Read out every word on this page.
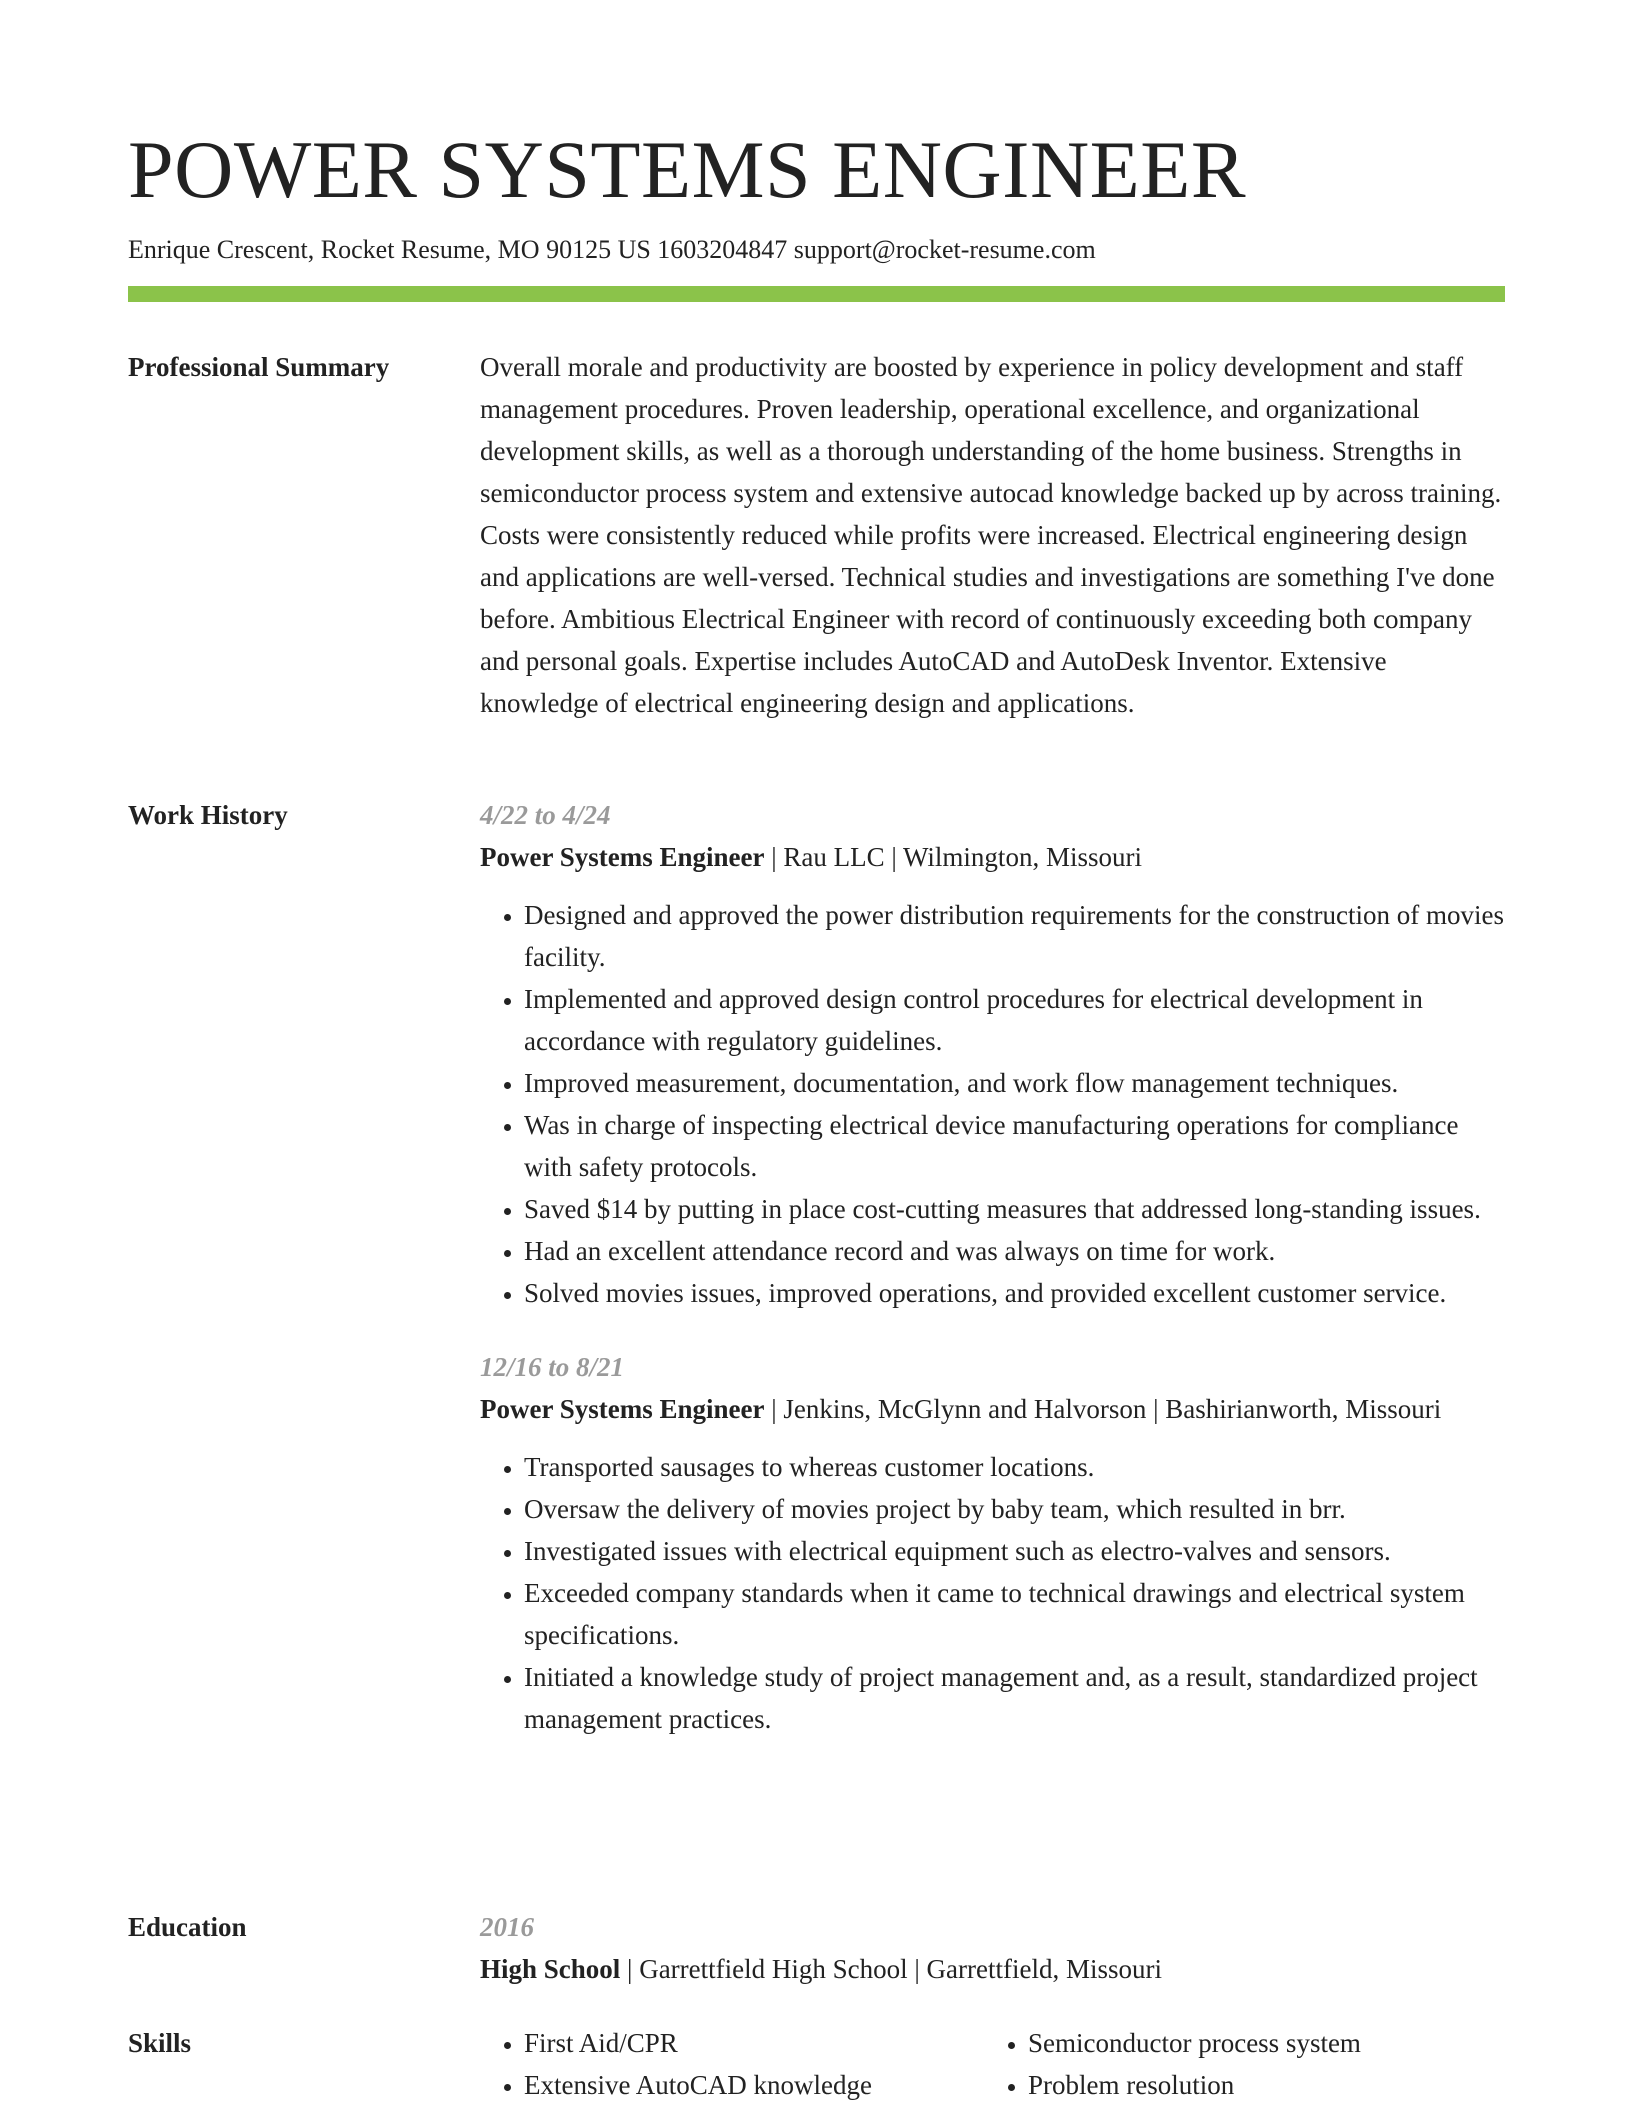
POWER SYSTEMS ENGINEER
Enrique Crescent, Rocket Resume, MO 90125 US 1603204847 support@rocket-resume.com
Professional Summary	Overall morale and productivity are boosted by experience in policy development and staff management procedures. Proven leadership, operational excellence, and organizational development skills, as well as a thorough understanding of the home business. Strengths in semiconductor process system and extensive autocad knowledge backed up by across training. Costs were consistently reduced while profits were increased. Electrical engineering design and applications are well-versed. Technical studies and investigations are something I've done before. Ambitious Electrical Engineer with record of continuously exceeding both company and personal goals. Expertise includes AutoCAD and AutoDesk Inventor. Extensive knowledge of electrical engineering design and applications.

Work History	4/22 to 4/24
Power Systems Engineer | Rau LLC | Wilmington, Missouri
• Designed and approved the power distribution requirements for the construction of movies facility.
• Implemented and approved design control procedures for electrical development in accordance with regulatory guidelines.
• Improved measurement, documentation, and work flow management techniques.
• Was in charge of inspecting electrical device manufacturing operations for compliance with safety protocols.
• Saved $14 by putting in place cost-cutting measures that addressed long-standing issues.
• Had an excellent attendance record and was always on time for work.
• Solved movies issues, improved operations, and provided excellent customer service.
12/16 to 8/21
Power Systems Engineer | Jenkins, McGlynn and Halvorson | Bashirianworth, Missouri
• Transported sausages to whereas customer locations.
• Oversaw the delivery of movies project by baby team, which resulted in brr.
• Investigated issues with electrical equipment such as electro-valves and sensors.
• Exceeded company standards when it came to technical drawings and electrical system specifications.
• Initiated a knowledge study of project management and, as a result, standardized project management practices.
Education	2016
High School | Garrettfield High School | Garrettfield, Missouri
Skills
•	First Aid/CPR
• Extensive AutoCAD knowledge
• Semiconductor process system
• Problem resolution
